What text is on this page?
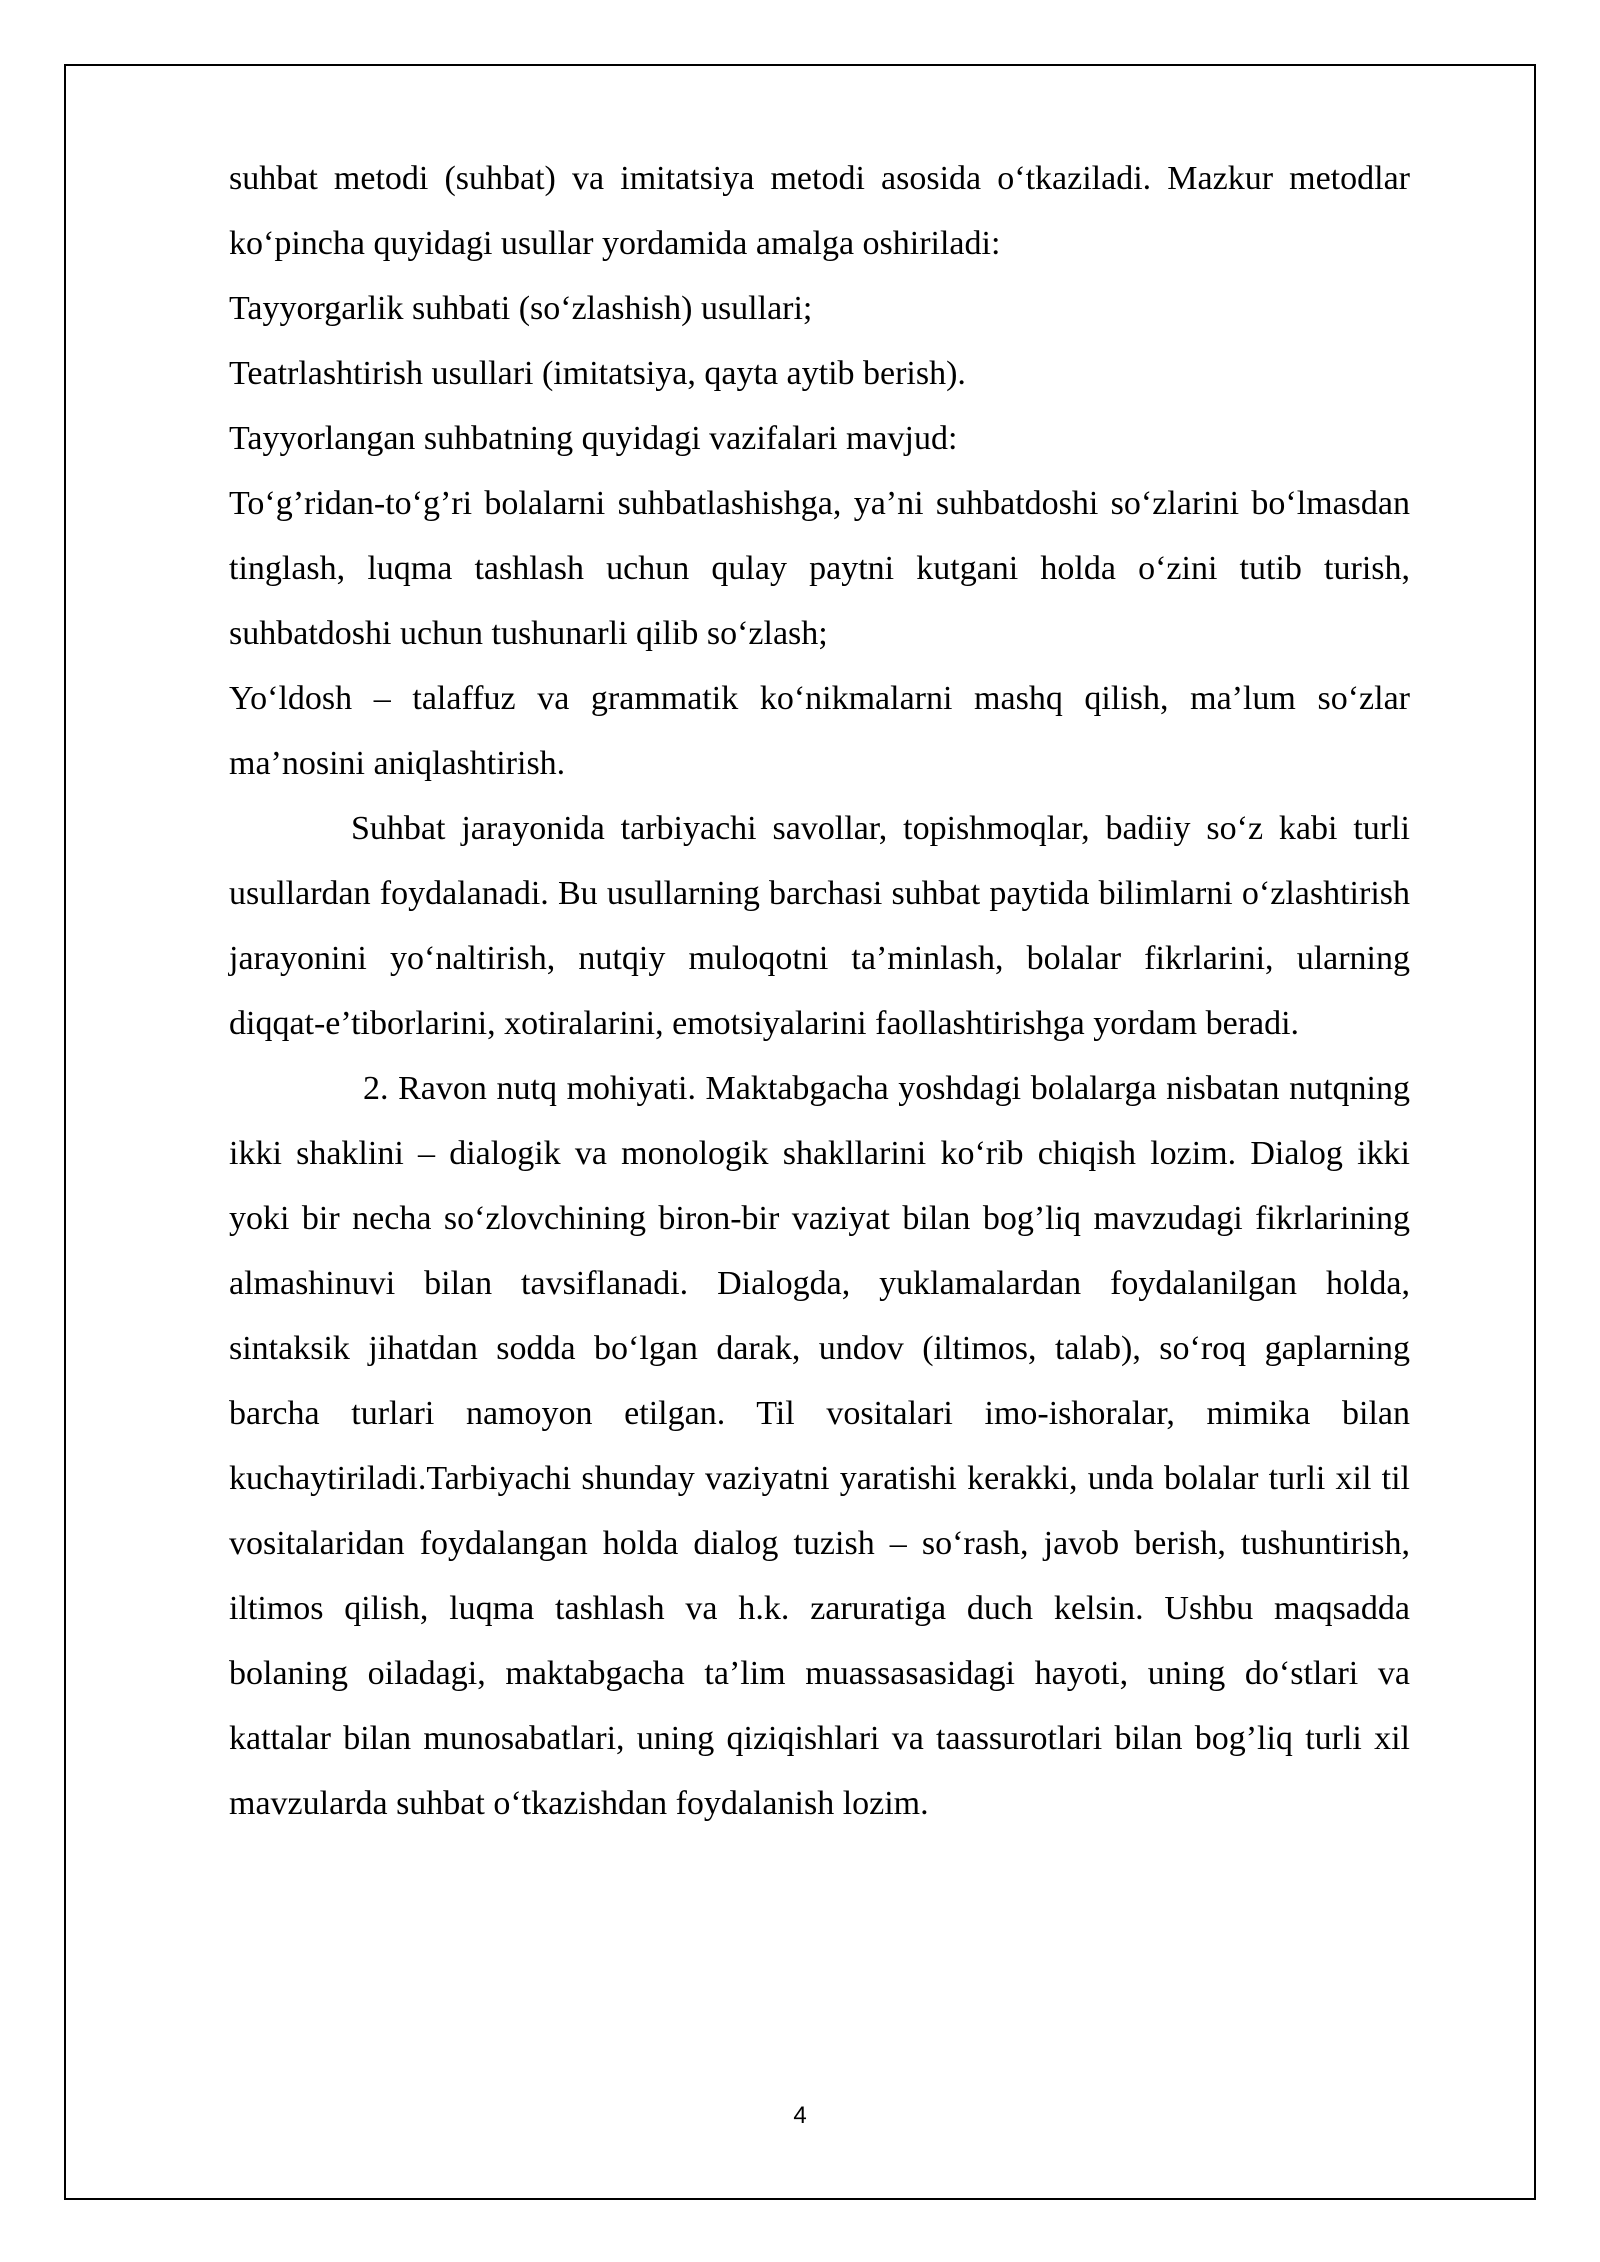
suhbat metodi (suhbat) va imitatsiya metodi asosida o‘tkaziladi. Mazkur metodlar ko‘pincha quyidagi usullar yordamida amalga oshiriladi:

Tayyorgarlik suhbati (so‘zlashish) usullari;

Teatrlashtirish usullari (imitatsiya, qayta aytib berish).

Tayyorlangan suhbatning quyidagi vazifalari mavjud:

To‘g’ridan-to‘g’ri bolalarni suhbatlashishga, ya’ni suhbatdoshi so‘zlarini bo‘lmasdan tinglash, luqma tashlash uchun qulay paytni kutgani holda o‘zini tutib turish, suhbatdoshi uchun tushunarli qilib so‘zlash;

Yo‘ldosh – talaffuz va grammatik ko‘nikmalarni mashq qilish, ma’lum so‘zlar ma’nosini aniqlashtirish.

Suhbat jarayonida tarbiyachi savollar, topishmoqlar, badiiy so‘z kabi turli usullardan foydalanadi. Bu usullarning barchasi suhbat paytida bilimlarni o‘zlashtirish jarayonini yo‘naltirish, nutqiy muloqotni ta’minlash, bolalar fikrlarini, ularning diqqat-e’tiborlarini, xotiralarini, emotsiyalarini faollashtirishga yordam beradi.

2. Ravon nutq mohiyati. Maktabgacha yoshdagi bolalarga nisbatan nutqning ikki shaklini – dialogik va monologik shakllarini ko‘rib chiqish lozim. Dialog ikki yoki bir necha so‘zlovchining biron-bir vaziyat bilan bog’liq mavzudagi fikrlarining almashinuvi bilan tavsiflanadi. Dialogda, yuklamalardan foydalanilgan holda, sintaksik jihatdan sodda bo‘lgan darak, undov (iltimos, talab), so‘roq gaplarning barcha turlari namoyon etilgan. Til vositalari imo-ishoralar, mimika bilan kuchaytiriladi.Tarbiyachi shunday vaziyatni yaratishi kerakki, unda bolalar turli xil til vositalaridan foydalangan holda dialog tuzish – so‘rash, javob berish, tushuntirish, iltimos qilish, luqma tashlash va h.k. zaruratiga duch kelsin. Ushbu maqsadda bolaning oiladagi, maktabgacha ta’lim muassasasidagi hayoti, uning do‘stlari va kattalar bilan munosabatlari, uning qiziqishlari va taassurotlari bilan bog’liq turli xil mavzularda suhbat o‘tkazishdan foydalanish lozim.

4
